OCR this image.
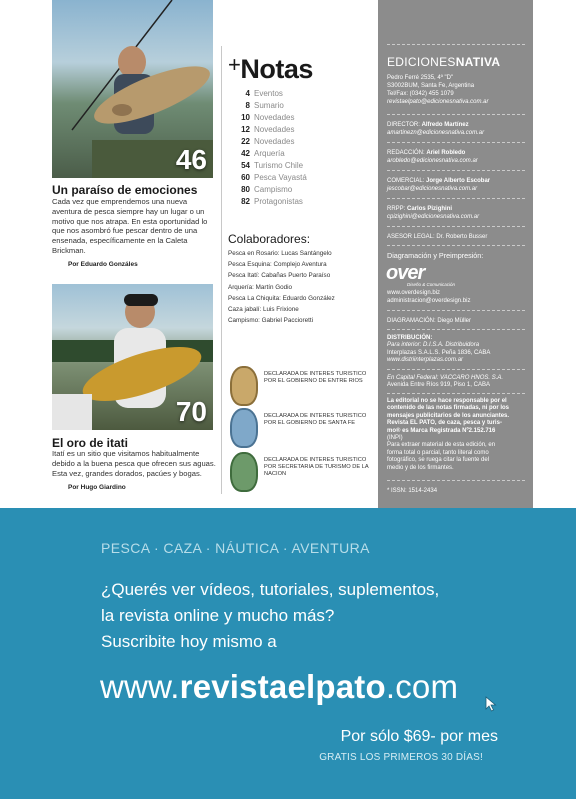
46
Un paraíso de emociones
Cada vez que emprendemos una nueva aventura de pesca siempre hay un lugar o un motivo que nos atrapa. En esta oportunidad lo que nos asombró fue pescar dentro de una ensenada, específicamente en la Caleta Brickman.
Por Eduardo Gonzáles
70
El oro de itati
Itatí es un sitio que visitamos habitualmente debido a la buena pesca que ofrecen sus aguas. Esta vez, grandes dorados, pacúes y bogas.
Por Hugo Giardino
+Notas
4 Eventos
8 Sumario
10 Novedades
12 Novedades
22 Novedades
42 Arquería
54 Turismo Chile
60 Pesca Vayastá
80 Campismo
82 Protagonistas
Colaboradores:
Pesca en Rosario: Lucas Santángelo
Pesca Esquina: Complejo Aventura
Pesca Itatí: Cabañas Puerto Paraíso
Arquería: Martín Godio
Pesca La Chiquita: Eduardo González
Caza jabalí: Luis Frixione
Campismo: Gabriel Paccioretti
DECLARADA DE INTERES TURISTICO POR EL GOBIERNO DE ENTRE RIOS
DECLARADA DE INTERES TURISTICO POR EL GOBIERNO DE SANTA FE
DECLARADA DE INTERES TURISTICO POR SECRETARIA DE TURISMO DE LA NACION
EDICIONESNATIVA
Pedro Ferré 2535, 4º "D"
S3002BUM, Santa Fe, Argentina
Tel/Fax: (0342) 455 1079
revistaelpato@edicionesnativa.com.ar
DIRECTOR: Alfredo Martínez
amartinezn@edicionesnativa.com.ar
REDACCIÓN: Ariel Robledo
arobledo@edicionesnativa.com.ar
COMERCIAL: Jorge Alberto Escobar
jescobar@edicionesnativa.com.ar
RRPP: Carlos Pizighini
cpizighini@edicionesnativa.com.ar
ASESOR LEGAL: Dr. Roberto Busser
Diagramación y Preimpresión:
over
Diseño & Comunicación
www.overdesign.biz
administracion@overdesign.biz
DIAGRAMACIÓN: Diego Müller
DISTRIBUCIÓN:
Para interior: D.I.S.A. Distribuidora
Interplazas S.A.L.S. Peña 1836, CABA
www.distriinterplazas.com.ar
En Capital Federal: VACCARO HNOS. S.A.
Avenida Entre Ríos 919, Piso 1, CABA
La editorial no se hace responsable por el
contenido de las notas firmadas, ni por los
mensajes publicitarios de los anunciantes.
Revista EL PATO, de caza, pesca y turis-
mo® es Marca Registrada Nº2.152.716
(INPI)
Para extraer material de esta edición, en
forma total o parcial, tanto literal como
fotográfico, se ruega citar la fuente del
medio y de los firmantes.
* ISSN: 1514-2434
PESCA · CAZA · NÁUTICA · AVENTURA
¿Querés ver vídeos, tutoriales, suplementos,
la revista online y mucho más?
Suscribite hoy mismo a
www.revistaelpato.com
Por sólo $69- por mes
GRATIS LOS PRIMEROS 30 DÍAS!
